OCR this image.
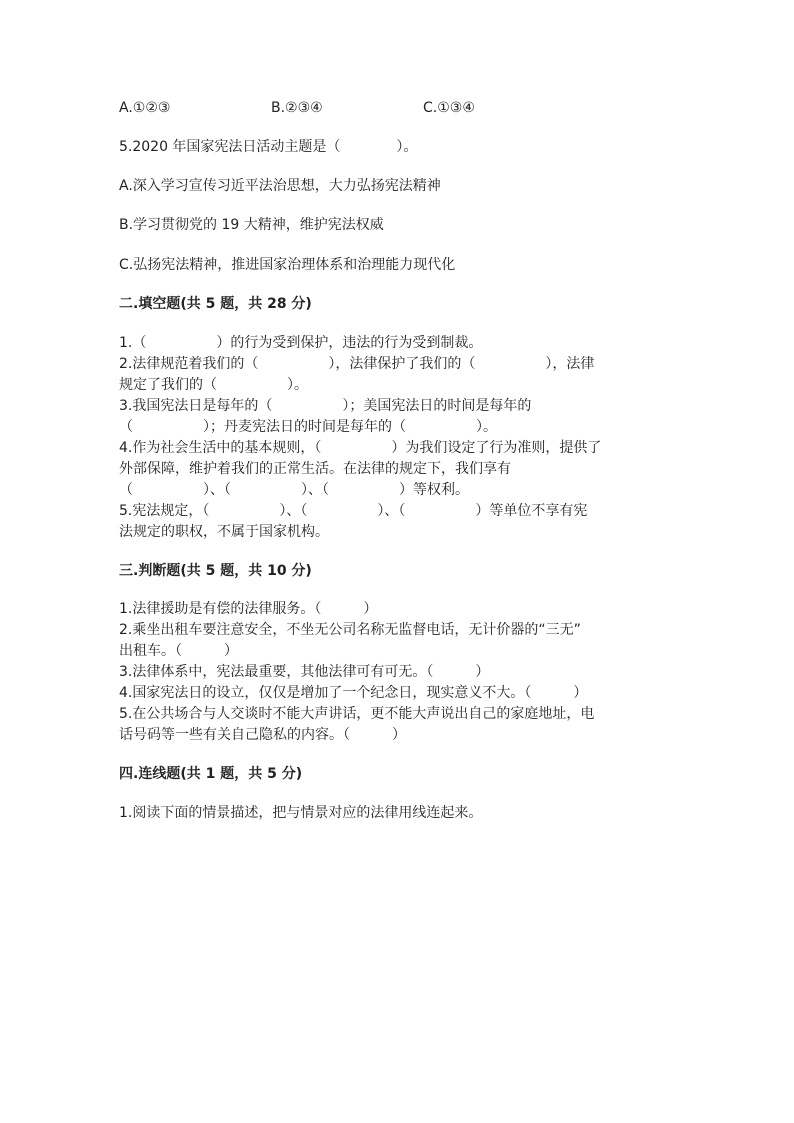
A.①②③	B.②③④	C.①③④
5.2020 年国家宪法日活动主题是（　　　　）。
A.深入学习宣传习近平法治思想，大力弘扬宪法精神
B.学习贯彻党的 19 大精神，维护宪法权威
C.弘扬宪法精神，推进国家治理体系和治理能力现代化
二.填空题(共 5 题，共 28 分)
1.（　　　　　）的行为受到保护，违法的行为受到制裁。
2.法律规范着我们的（　　　　　），法律保护了我们的（　　　　　），法律
规定了我们的（　　　　　）。
3.我国宪法日是每年的（　　　　　）；美国宪法日的时间是每年的
（　　　　　）；丹麦宪法日的时间是每年的（　　　　　）。
4.作为社会生活中的基本规则，（　　　　　）为我们设定了行为准则，提供了
外部保障，维护着我们的正常生活。在法律的规定下，我们享有
（　　　　　）、（　　　　　）、（　　　　　）等权利。
5.宪法规定，（　　　　　）、（　　　　　）、（　　　　　）等单位不享有宪
法规定的职权，不属于国家机构。
三.判断题(共 5 题，共 10 分)
1.法律援助是有偿的法律服务。（　　　）
2.乘坐出租车要注意安全，不坐无公司名称无监督电话，无计价器的“三无”
出租车。（　　　）
3.法律体系中，宪法最重要，其他法律可有可无。（　　　）
4.国家宪法日的设立，仅仅是增加了一个纪念日，现实意义不大。（　　　）
5.在公共场合与人交谈时不能大声讲话，更不能大声说出自己的家庭地址，电
话号码等一些有关自己隐私的内容。（　　　）
四.连线题(共 1 题，共 5 分)
1.阅读下面的情景描述，把与情景对应的法律用线连起来。
